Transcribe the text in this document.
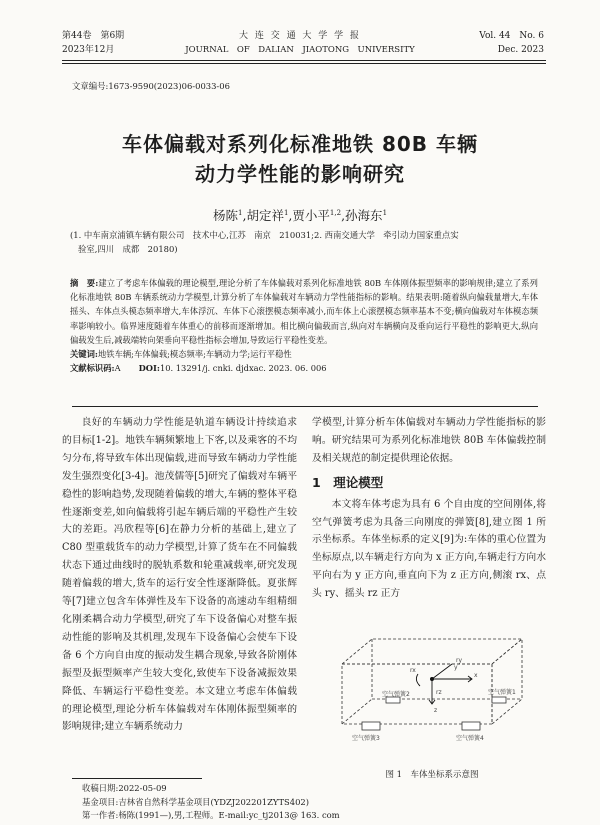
第44卷　第6期
2023年12月
大 连 交 通 大 学 学 报
JOURNAL　OF　DALIAN　JIAOTONG　UNIVERSITY
Vol. 44　No. 6
Dec. 2023
文章编号:1673-9590(2023)06-0033-06
车体偏载对系列化标准地铁 80B 车辆
动力学性能的影响研究
杨陈$^1$,胡定祥$^1$,贾小平$^{1,2}$,孙海东$^1$
(1. 中车南京浦镇车辆有限公司　技术中心,江苏　南京　210031;2. 西南交通大学　牵引动力国家重点实
验室,四川　成都　20180)
摘　要:建立了考虑车体偏载的理论模型,理论分析了车体偏载对系列化标准地铁 80B 车体刚体振型频率的影响规律;建立了系列化标准地铁 80B 车辆系统动力学模型,计算分析了车体偏载对车辆动力学性能指标的影响。结果表明:随着纵向偏载量增大,车体摇头、车体点头模态频率增大,车体浮沉、车体下心滚摆模态频率减小,而车体上心滚摆模态频率基本不变;横向偏载对车体模态频率影响较小。临界速度随着车体重心的前移而逐渐增加。相比横向偏载而言,纵向对车辆横向及垂向运行平稳性的影响更大,纵向偏载发生后,减载端转向架垂向平稳性指标会增加,导致运行平稳性变差。
关键词:地铁车辆;车体偏载;模态频率;车辆动力学;运行平稳性
文献标识码:A DOI:10. 13291/j. cnki. djdxac. 2023. 06. 006

良好的车辆动力学性能是轨道车辆设计持续追求的目标[1-2]。地铁车辆频繁地上下客,以及乘客的不均匀分布,将导致车体出现偏载,进而导致车辆动力学性能发生强烈变化[3-4]。池茂儒等[5]研究了偏载对车辆平稳性的影响趋势,发现随着偏载的增大,车辆的整体平稳性逐渐变差,如向偏载将引起车辆后端的平稳性产生较大的差距。冯欣程等[6]在静力分析的基础上,建立了C80 型重载货车的动力学模型,计算了货车在不同偏载状态下通过曲线时的脱轨系数和轮重减载率,研究发现随着偏载的增大,货车的运行安全性逐渐降低。夏张辉等[7]建立包含车体弹性及车下设备的高速动车组精细化刚柔耦合动力学模型,研究了车下设备偏心对整车振动性能的影响及其机理,发现车下设备偏心会使车下设备 6 个方向自由度的振动发生耦合现象,导致各阶刚体振型及振型频率产生较大变化,致使车下设备减振效果降低、车辆运行平稳性变差。本文建立考虑车体偏载的理论模型,理论分析车体偏载对车体刚体振型频率的影响规律;建立车辆系统动力

学模型,计算分析车体偏载对车辆动力学性能指标的影响。研究结果可为系列化标准地铁 80B 车体偏载控制及相关规范的制定提供理论依据。

1　 理论模型

本文将车体考虑为具有 6 个自由度的空间刚体,将空气弹簧考虑为具备三向刚度的弹簧[8],建立图 1 所示坐标系。车体坐标系的定义[9]为:车体的重心位置为坐标原点,以车辆走行方向为 x 正方向,车辆走行方向水平向右为 y 正方向,垂直向下为 z 正方向,侧滚 rx、点头 ry、摇头 rz 正方

rx
ry
rz
x
y
z
空气弹簧2	空气弹簧1
空气弹簧3	空气弹簧4
图 1　车体坐标系示意图
收稿日期:2022-05-09
基金项目:吉林省自然科学基金项目(YDZJ202201ZYTS402)
第一作者:杨陈(1991—),男,工程师。E-mail:yc_tj2013@ 163. com
